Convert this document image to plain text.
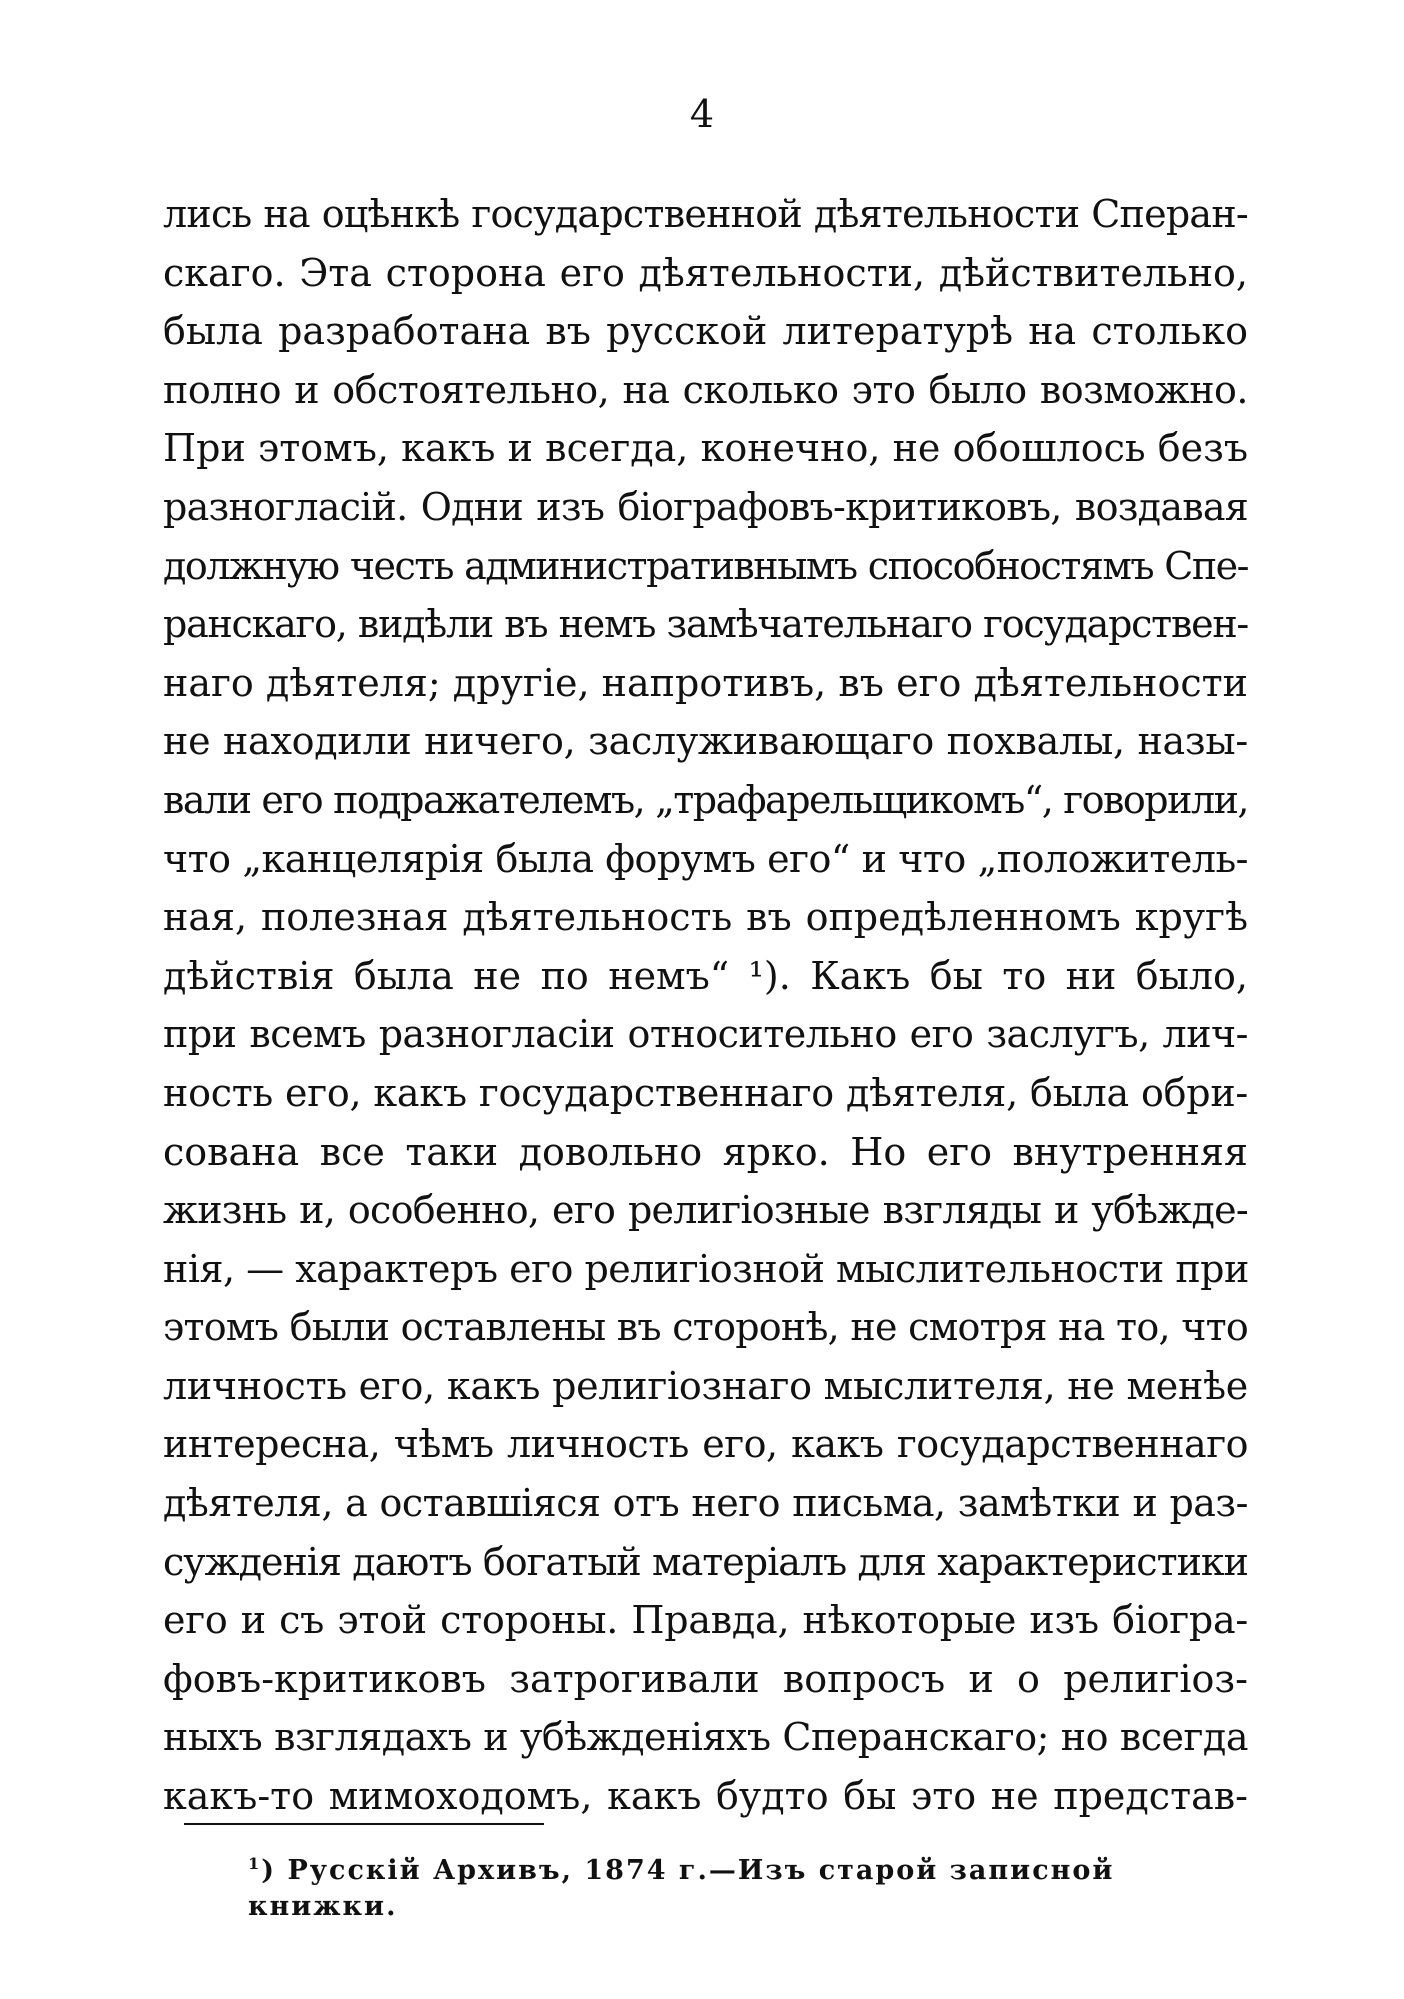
4
лись на оцѣнкѣ государственной дѣятельности Сперан-
скаго. Эта сторона его дѣятельности, дѣйствительно,
была разработана въ русской литературѣ на столько
полно и обстоятельно, на сколько это было возможно.
При этомъ, какъ и всегда, конечно, не обошлось безъ
разногласій. Одни изъ біографовъ-критиковъ, воздавая
должную честь административнымъ способностямъ Спе-
ранскаго, видѣли въ немъ замѣчательнаго государствен-
наго дѣятеля; другіе, напротивъ, въ его дѣятельности
не находили ничего, заслуживающаго похвалы, назы-
вали его подражателемъ, „трафарельщикомъ“, говорили,
что „канцелярія была форумъ его“ и что „положитель-
ная, полезная дѣятельность въ опредѣленномъ кругѣ
дѣйствія была не по немъ“ ¹). Какъ бы то ни было,
при всемъ разногласіи относительно его заслугъ, лич-
ность его, какъ государственнаго дѣятеля, была обри-
сована все таки довольно ярко. Но его внутренняя
жизнь и, особенно, его религіозные взгляды и убѣжде-
нія, — характеръ его религіозной мыслительности при
этомъ были оставлены въ сторонѣ, не смотря на то, что
личность его, какъ религіознаго мыслителя, не менѣе
интересна, чѣмъ личность его, какъ государственнаго
дѣятеля, а оставшіяся отъ него письма, замѣтки и раз-
сужденія даютъ богатый матеріалъ для характеристики
его и съ этой стороны. Правда, нѣкоторые изъ біогра-
фовъ-критиковъ затрогивали вопросъ и о религіоз-
ныхъ взглядахъ и убѣжденіяхъ Сперанскаго; но всегда
какъ-то мимоходомъ, какъ будто бы это не представ-
$^1$) Русскій Архивъ, 1874 г.—Изъ старой записной книжки.
